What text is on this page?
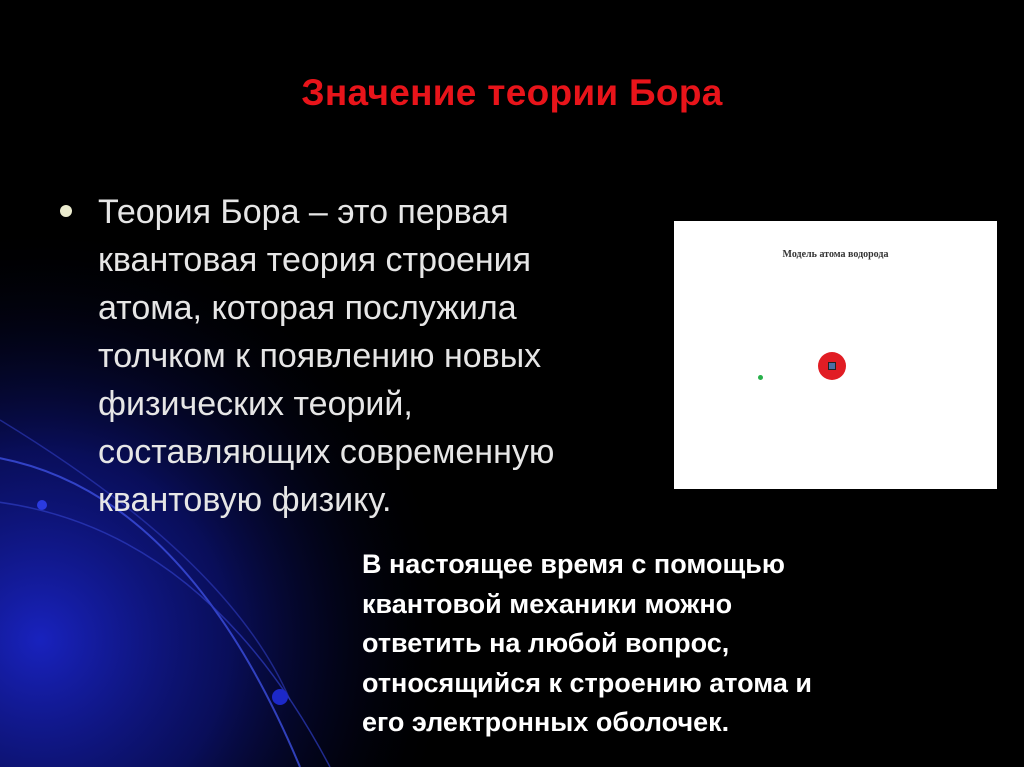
Значение теории Бора
Теория Бора – это первая
квантовая теория строения
атома, которая послужила
толчком к появлению новых
физических теорий,
составляющих современную
квантовую физику.
Модель атома водорода
В настоящее время с помощью
квантовой механики можно
ответить на любой вопрос,
относящийся к строению атома и
его электронных оболочек.
